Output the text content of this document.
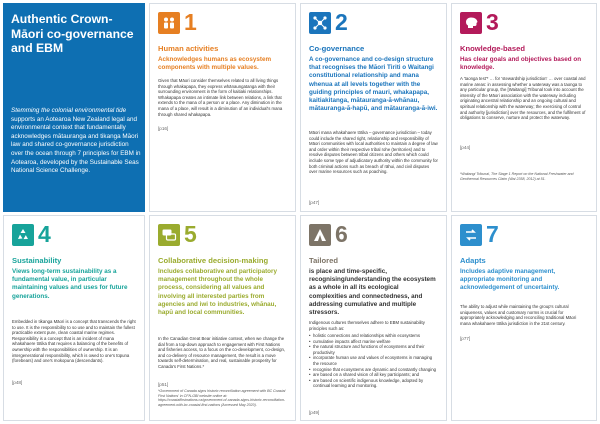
Authentic Crown-Māori co-governance and EBM
Stemming the colonial environmental tide supports an Aotearoa New Zealand legal and environmental context that fundamentally acknowledges mātauranga and tikanga Māori law and shared co-governance jurisdiction over the ocean through 7 principles for EBM in Aotearoa, developed by the Sustainable Seas National Science Challenge.
1
Human activities
Acknowledges humans as ecosystem components with multiple values.
Given that Māori consider themselves related to all living things through whakapapa, they express whānaungatanga with their surrounding environment in the form of kaitiaki relationships. Whakapapa creates an intimate link between relations, a link that extends to the mana of a person or a place. Any diminution in the mana of a place, will result in a diminution of an individual's mana through shared whakapapa.
[p16]
2
Co-governance
A co-governance and co-design structure that recognises the Māori Tiriti o Waitangi constitutional relationship and mana whenua at all levels together with the guiding principles of mauri, whakapapa, kaitiakitanga, mātauranga-ā-whānau, mātauranga-ā-hapū, and mātauranga-ā-iwi.
Māori mana whakahaere tōtika – governance jurisdiction – today could include the shared right, relationship and responsibility of Māori communities with local authorities to maintain a degree of law and order within their respective tribal rohe (territories) and to resolve disputes between tribal citizens and others which could include some type of adjudicatory authority within the community for both criminal actions such as breach of rāhui, and civil disputes over marine resources such as poaching.
[p47]
3
Knowledge-based
Has clear goals and objectives based on knowledge.
A 'taonga test'* … for 'stewardship jurisdiction' … over coastal and marine areas: in assessing whether a waterway was a taonga to any particular group, the [Waitangi] Tribunal took into account the intensity of the Māori association with the waterway including originating ancestral relationship and an ongoing cultural and spiritual relationship with the waterway; the exercising of control and authority [jurisdiction] over the resources, and the fulfilment of obligations to conserve, nurture and protect the waterway.
[p44]
*Waitangi Tribunal, The Stage 1 Report on the National Freshwater and Geothermal Resources Claim (Wai 2358, 2012) at 51.
4
Sustainability
Views long-term sustainability as a fundamental value, in particular maintaining values and uses for future generations.
Embedded in tikanga Māori is a concept that transcends the right to use. It is the responsibility to so use and to maintain the fullest practicable extent pure, clean coastal marine regimes. Responsibility is a concept that is an incident of mana whakahaere tōtika that requires a balancing of the benefits of ownership with the responsibilities of ownership. It is an intergenerational responsibility, which is owed to one's tūpuna (forebears) and one's mokopuna (descendants).
[p48]
5
Collaborative decision-making
Includes collaborative and participatory management throughout the whole process, considering all values and involving all interested parties from agencies and iwi to industries, whānau, hapū and local communities.
In the Canadian Great Bear initiative context, when we change the dial from a top-down approach to engagement with First Nations and fisheries access, to a focus on the co-development, co-design, and co-delivery of resource management, the result is a move towards self-determination, and real, sustainable prosperity for Canada's First Nations.*
[p51]
*Government of Canada signs historic reconciliation agreement with BC Coastal First Nations' in CFN-GBI website online at: https://coastalfirstnations.ca/government-of-canada-signs-historic-reconciliation-agreement-with-bc-coastal-first-nations (Accessed May 2020).
6
Tailored
is place and time-specific, recognising/understanding the ecosystem as a whole in all its ecological complexities and connectedness, and addressing cumulative and multiple stressors.
Indigenous cultures themselves adhere to EBM sustainability principles such as:
• holistic connections and relationships within ecosystems
• cumulative impacts affect marine welfare
• the natural structure and functions of ecosystems and their productivity
• incorporate human use and values of ecosystems in managing the resource
• recognise that ecosystems are dynamic and constantly changing
• are based on a shared vision of all key participants; and
• are based on scientific indigenous knowledge, adopted by continual learning and monitoring.
[p49]
7
Adapts
Includes adaptive management, appropriate monitoring and acknowledgement of uncertainty.
The ability to adjust while maintaining the group's cultural uniqueness, values and customary norms is crucial for appropriately acknowledging and reconciling traditional Māori mana whakahaere tōtika jurisdiction in the 21st century.
[p77]
